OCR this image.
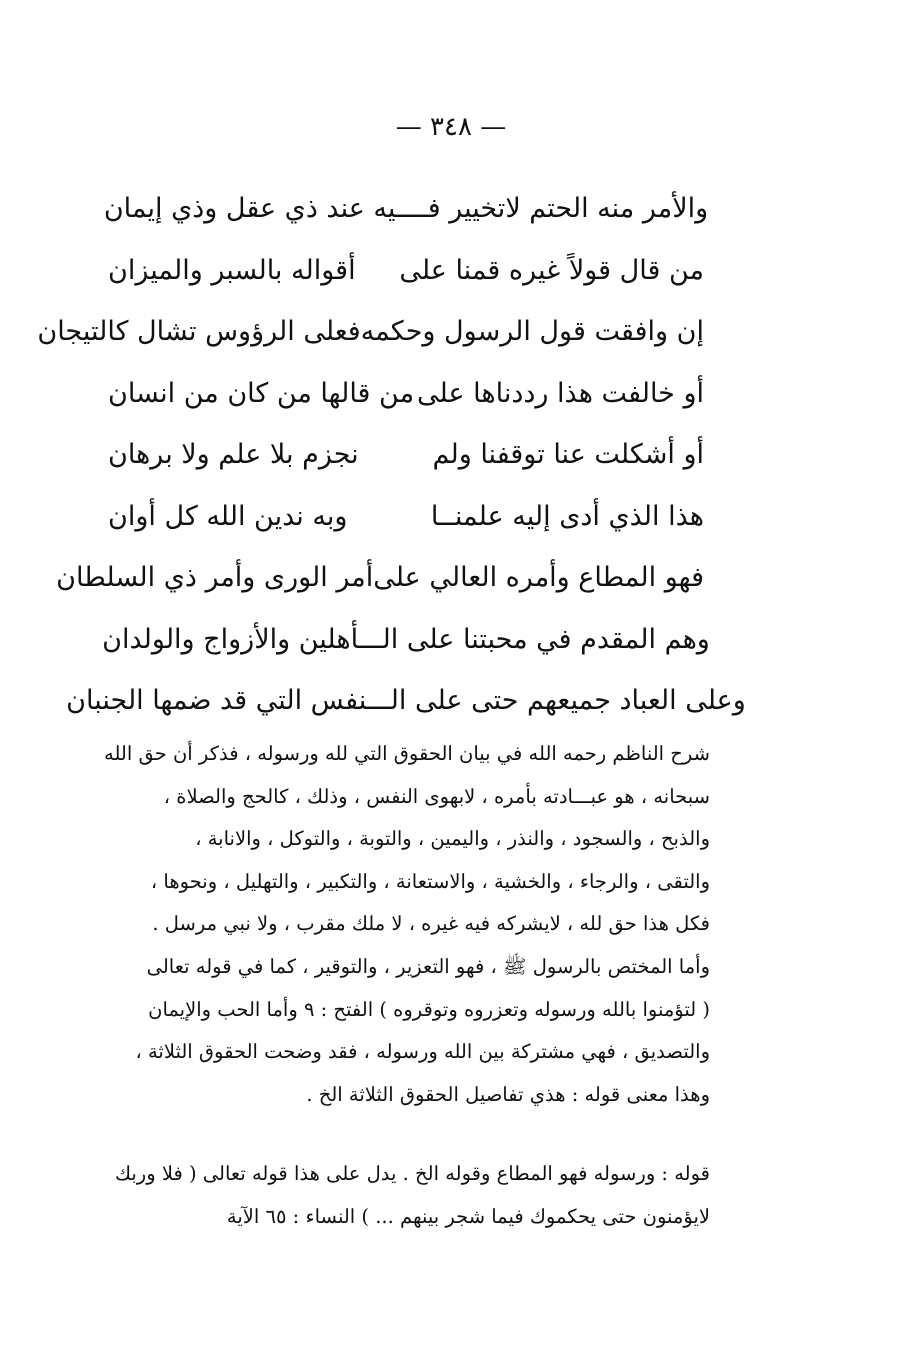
— ٣٤٨ —
والأمر منه الحتم لاتخيير فــــيه عند ذي عقل وذي إيمان
من قال قولاً غيره قمنا على
أقواله بالسبر والميزان
إن وافقت قول الرسول وحكمه
فعلى الرؤوس تشال كالتيجان
أو خالفت هذا رددناها على
من قالها من كان من انسان
أو أشكلت عنا توقفنا ولم
نجزم بلا علم ولا برهان
هذا الذي أدى إليه علمنــا
وبه ندين الله كل أوان
فهو المطاع وأمره العالي على
أمر الورى وأمر ذي السلطان
وهم المقدم في محبتنا على الـــأهلين والأزواج والولدان
وعلى العباد جميعهم حتى على الـــنفس التي قد ضمها الجنبان
شرح الناظم رحمه الله في بيان الحقوق التي لله ورسوله ، فذكر أن حق الله
سبحانه ، هو عبـــادته بأمره ، لابهوى النفس ، وذلك ، كالحج والصلاة ،
والذبح ، والسجود ، والنذر ، واليمين ، والتوبة ، والتوكل ، والانابة ،
والتقى ، والرجاء ، والخشية ، والاستعانة ، والتكبير ، والتهليل ، ونحوها ،
فكل هذا حق لله ، لايشركه فيه غيره ، لا ملك مقرب ، ولا نبي مرسل .
وأما المختص بالرسول ﷺ ، فهو التعزير ، والتوقير ، كما في قوله تعالى
( لتؤمنوا بالله ورسوله وتعزروه وتوقروه ) الفتح : ٩ وأما الحب والإيمان
والتصديق ، فهي مشتركة بين الله ورسوله ، فقد وضحت الحقوق الثلاثة ،
وهذا معنى قوله : هذي تفاصيل الحقوق الثلاثة الخ .
قوله : ورسوله فهو المطاع وقوله الخ . يدل على هذا قوله تعالى ( فلا وربك
لايؤمنون حتى يحكموك فيما شجر بينهم ... ) النساء : ٦٥ الآية
